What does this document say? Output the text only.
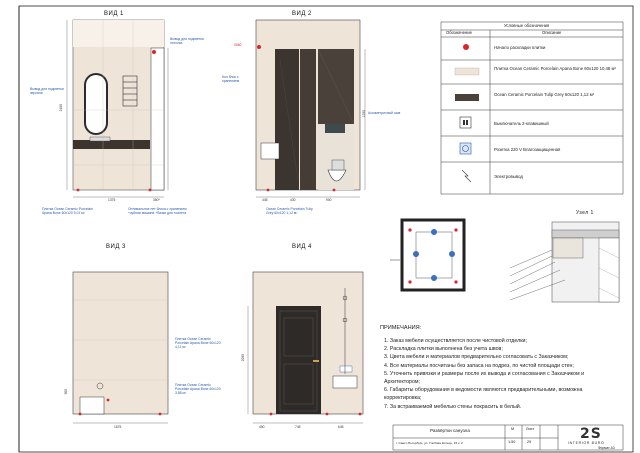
ВИД 1	ВИД 2
ВИД 3	ВИД 4
Вывод для подсветки зеркала
Вывод для подсветки потолка
Плитка Ocean Ceramic Porcelain Apana Bone 60х120 9,01 м²
Оптимальное нет блока с хранением +зубная машина +бачки для тоалета
1375
2450
350*
Кол блок с хранением
Ассиметричный шов
Ocean Ceramic Porcelain Tulip Grey 60х120 1,12 м²
0060
445	430	900
1250
Плитка Ocean Ceramic Porcelain Apana Bone 60х120 4,11 м²
Плитка Ocean Ceramic Porcelain Apana Bone 60х120 3,88 м²
1675
900
450	745	645
2050
Условные обозначения
Обозначение	Описание
Начало раскладки плитки
Плитка Ocean Ceramic Porcelain Apana Bone 60х120 10,48 м²
Ocean Ceramic Porcelain Tulip Grey 60х120 1,12 м²
Выключатель 2-клавишный
Розетка 220 V Влагозащищенная
Электровывод
Узел 1
ПРИМЕЧАНИЯ:
1. Заказ мебели осуществляется после чистовой отделки;
2. Раскладка плитки выполнена без учета швов;
3. Цвета мебели и материалов предварительно согласовать с Заказчиком;
4. Все материалы посчитаны без запаса на подрез, по чистой площади стен;
5. Уточнить привязки и размеры после их вывода и согласования с Заказчиком и Архитектором;
6. Габариты оборудования в ведомости являются предварительными, возможна корректировка;
7. За встраиваемой мебелью стены покрасить в белый.
Развёртки санузла
г. Санкт-Петербург, ул. Глебова Кольцо, 15 к. 2
М	Лист
1:50	29	2S
INTERIOR BURO
Формат А3
